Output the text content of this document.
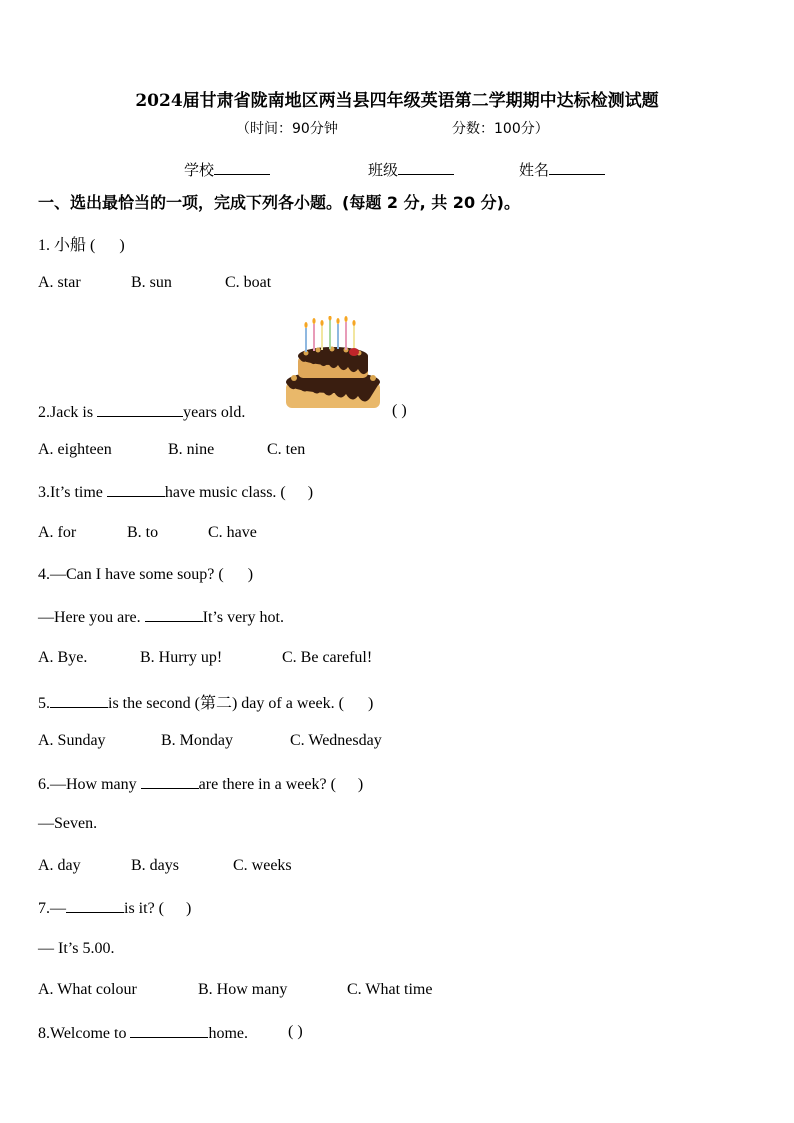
2024届甘肃省陇南地区两当县四年级英语第二学期期中达标检测试题
（时间：90分钟	分数：100分）
学校	班级	姓名
一、选出最恰当的一项，完成下列各小题。(每题 2 分, 共 20 分)。
1. 小船 ( )
A. star	B. sun	C. boat
2.Jack is	years old.	( )
A. eighteen	B. nine	C. ten
3.It’s time	have music class. ( )
A. for	B. to	C. have
4.—Can I have some soup? ( )
—Here you are.	It’s very hot.
A. Bye.	B. Hurry up!	C. Be careful!
5.	is the second (第二) day of a week. ( )
A. Sunday	B. Monday	C. Wednesday
6.—How many	are there in a week? ( )
—Seven.
A. day	B. days	C. weeks
7.—	is it? ( )
— It’s 5.00.
A. What colour	B. How many	C. What time
8.Welcome to	home. ( )
